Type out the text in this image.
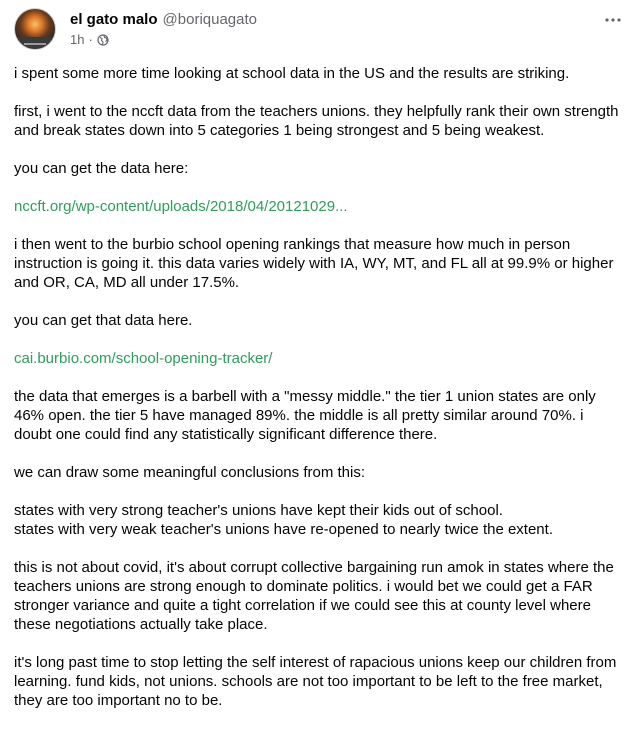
el gato malo @boriquagato
1h ·

i spent some more time looking at school data in the US and the results are striking.

first, i went to the nccft data from the teachers unions. they helpfully rank their own strength and break states down into 5 categories 1 being strongest and 5 being weakest.

you can get the data here:

nccft.org/wp-content/uploads/2018/04/20121029...

i then went to the burbio school opening rankings that measure how much in person instruction is going it. this data varies widely with IA, WY, MT, and FL all at 99.9% or higher and OR, CA, MD all under 17.5%.

you can get that data here.

cai.burbio.com/school-opening-tracker/

the data that emerges is a barbell with a "messy middle." the tier 1 union states are only 46% open. the tier 5 have managed 89%. the middle is all pretty similar around 70%. i doubt one could find any statistically significant difference there.

we can draw some meaningful conclusions from this:

states with very strong teacher's unions have kept their kids out of school.
states with very weak teacher's unions have re-opened to nearly twice the extent.

this is not about covid, it's about corrupt collective bargaining run amok in states where the teachers unions are strong enough to dominate politics. i would bet we could get a FAR stronger variance and quite a tight correlation if we could see this at county level where these negotiations actually take place.

it's long past time to stop letting the self interest of rapacious unions keep our children from learning. fund kids, not unions. schools are not too important to be left to the free market, they are too important no to be.
